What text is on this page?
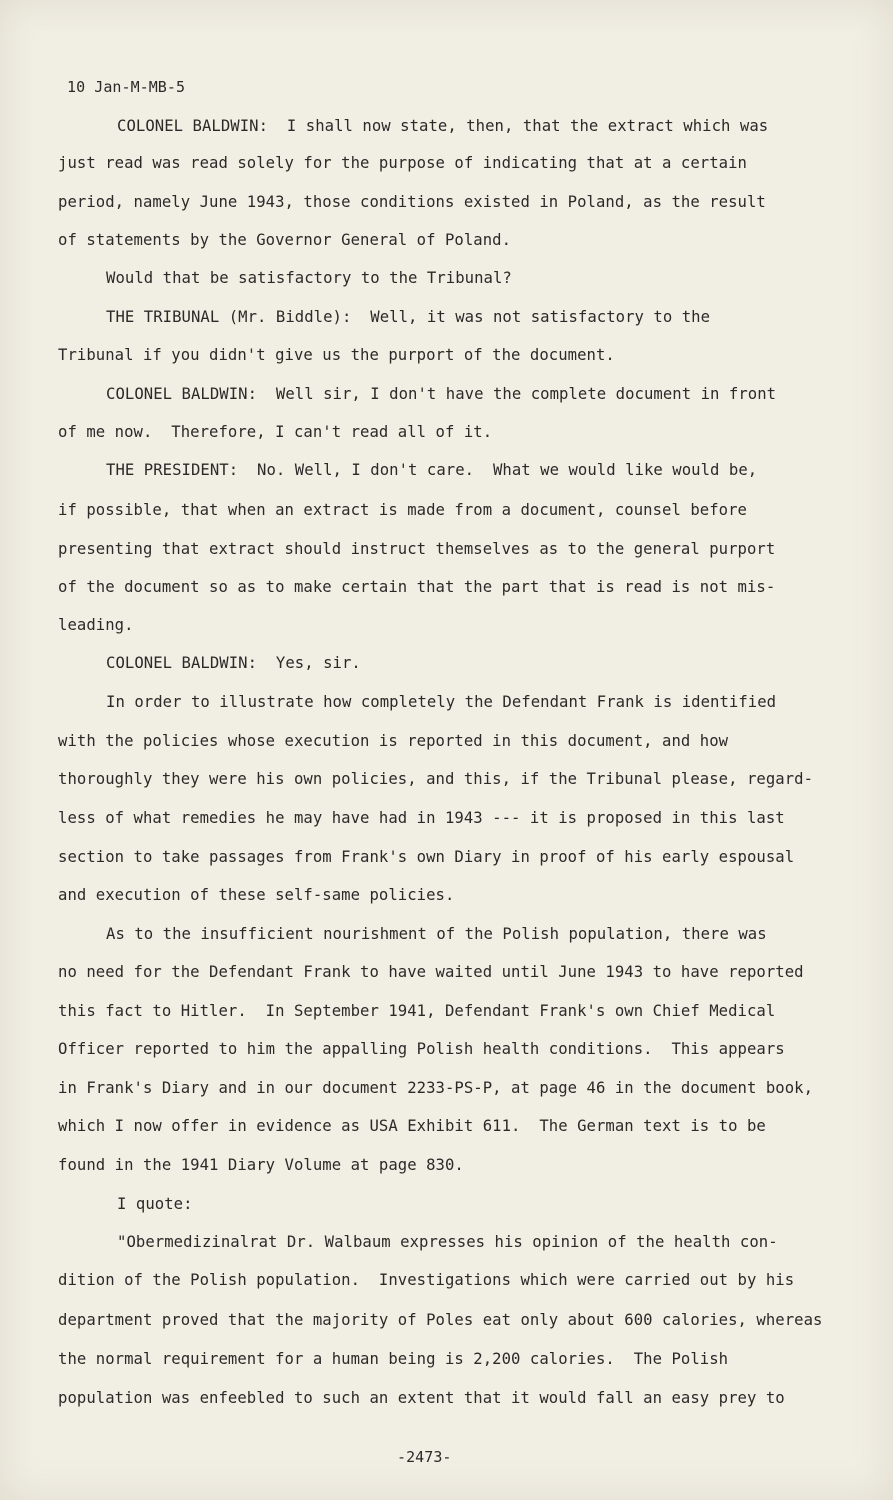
10 Jan-M-MB-5
COLONEL BALDWIN:  I shall now state, then, that the extract which was
just read was read solely for the purpose of indicating that at a certain
period, namely June 1943, those conditions existed in Poland, as the result
of statements by the Governor General of Poland.
Would that be satisfactory to the Tribunal?
THE TRIBUNAL (Mr. Biddle):  Well, it was not satisfactory to the
Tribunal if you didn't give us the purport of the document.
COLONEL BALDWIN:  Well sir, I don't have the complete document in front
of me now.  Therefore, I can't read all of it.
THE PRESIDENT:  No. Well, I don't care.  What we would like would be,
if possible, that when an extract is made from a document, counsel before
presenting that extract should instruct themselves as to the general purport
of the document so as to make certain that the part that is read is not mis-
leading.
COLONEL BALDWIN:  Yes, sir.
In order to illustrate how completely the Defendant Frank is identified
with the policies whose execution is reported in this document, and how
thoroughly they were his own policies, and this, if the Tribunal please, regard-
less of what remedies he may have had in 1943 --- it is proposed in this last
section to take passages from Frank's own Diary in proof of his early espousal
and execution of these self-same policies.
As to the insufficient nourishment of the Polish population, there was
no need for the Defendant Frank to have waited until June 1943 to have reported
this fact to Hitler.  In September 1941, Defendant Frank's own Chief Medical
Officer reported to him the appalling Polish health conditions.  This appears
in Frank's Diary and in our document 2233-PS-P, at page 46 in the document book,
which I now offer in evidence as USA Exhibit 611.  The German text is to be
found in the 1941 Diary Volume at page 830.
I quote:
"Obermedizinalrat Dr. Walbaum expresses his opinion of the health con-
dition of the Polish population.  Investigations which were carried out by his
department proved that the majority of Poles eat only about 600 calories, whereas
the normal requirement for a human being is 2,200 calories.  The Polish
population was enfeebled to such an extent that it would fall an easy prey to
-2473-
